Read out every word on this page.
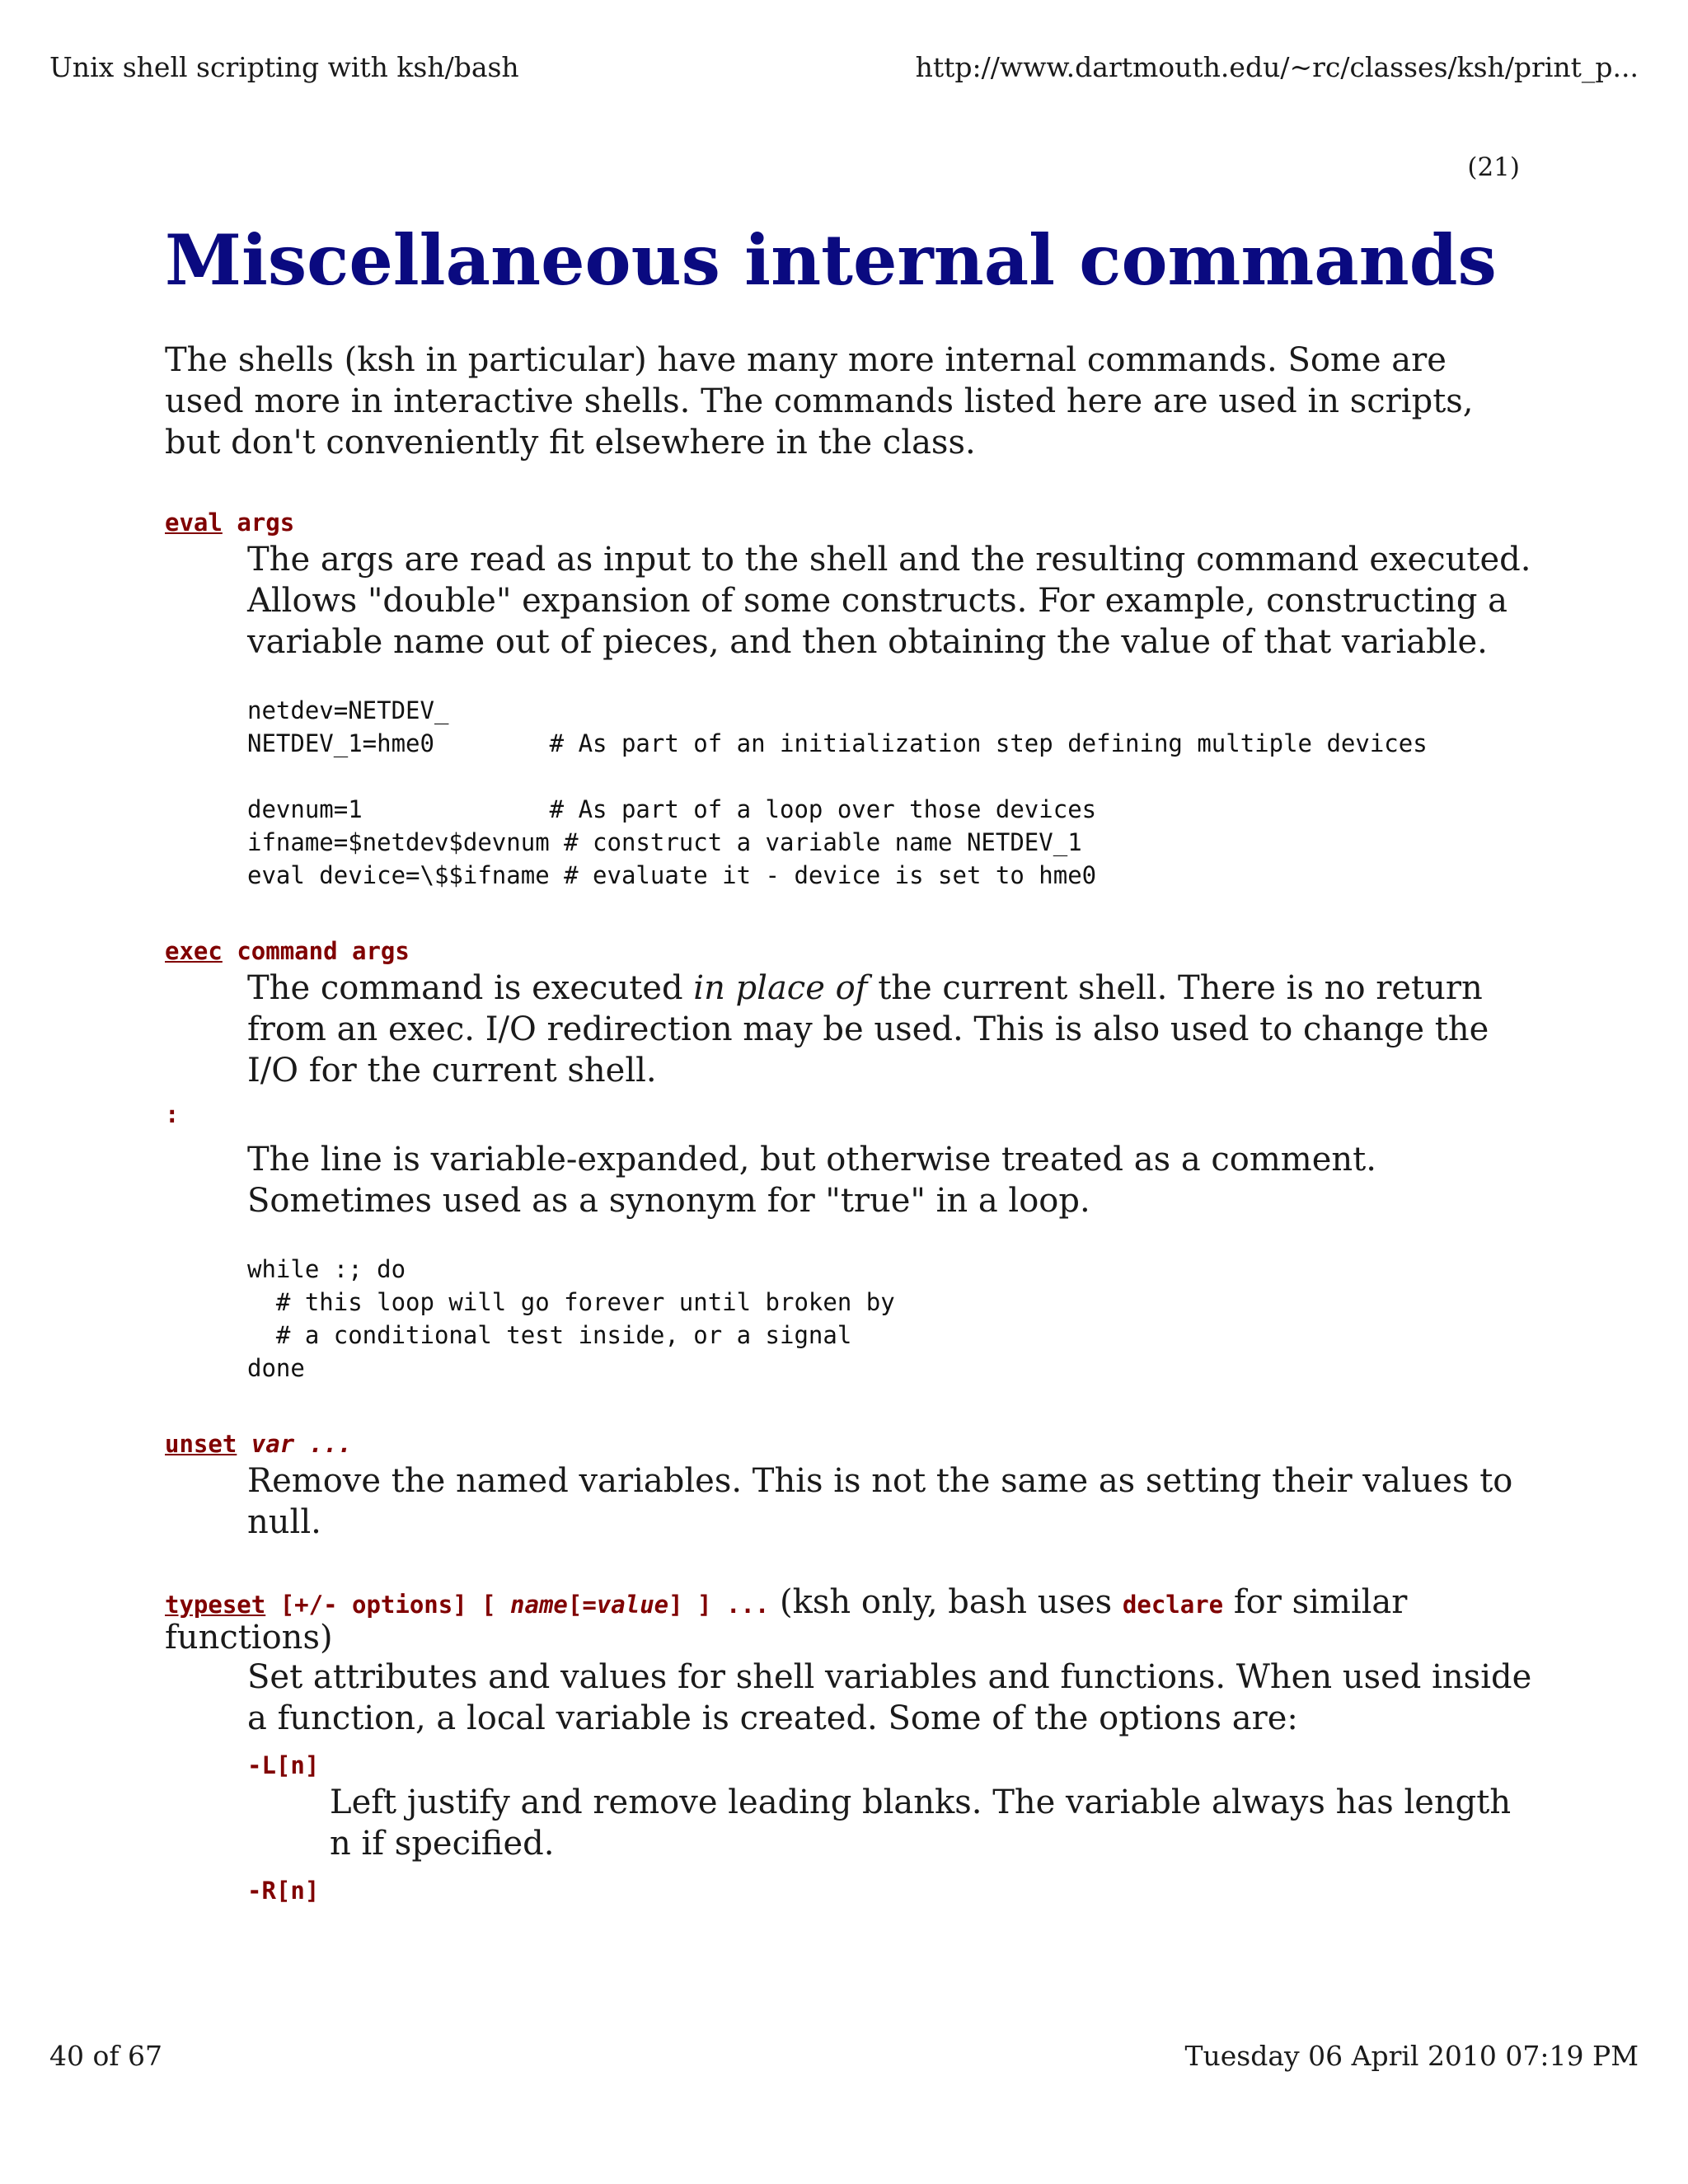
Unix shell scripting with ksh/bash	http://www.dartmouth.edu/~rc/classes/ksh/print_p...
(21)
Miscellaneous internal commands

The shells (ksh in particular) have many more internal commands. Some are used more in interactive shells. The commands listed here are used in scripts, but don't conveniently fit elsewhere in the class.

eval args
The args are read as input to the shell and the resulting command executed. Allows "double" expansion of some constructs. For example, constructing a variable name out of pieces, and then obtaining the value of that variable.
netdev=NETDEV_
NETDEV_1=hme0        # As part of an initialization step defining multiple devices

devnum=1             # As part of a loop over those devices
ifname=$netdev$devnum # construct a variable name NETDEV_1
eval device=\$$ifname # evaluate it - device is set to hme0
exec command args
The command is executed in place of the current shell. There is no return from an exec. I/O redirection may be used. This is also used to change the I/O for the current shell.
:
The line is variable-expanded, but otherwise treated as a comment. Sometimes used as a synonym for "true" in a loop.
while :; do
# this loop will go forever until broken by
# a conditional test inside, or a signal
done
unset var ...
Remove the named variables. This is not the same as setting their values to null.
typeset [+/- options] [ name[=value] ] ... (ksh only, bash uses declare for similar functions)
Set attributes and values for shell variables and functions. When used inside a function, a local variable is created. Some of the options are:
-L[n]
Left justify and remove leading blanks. The variable always has length n if specified.
-R[n]
40 of 67	Tuesday 06 April 2010 07:19 PM
